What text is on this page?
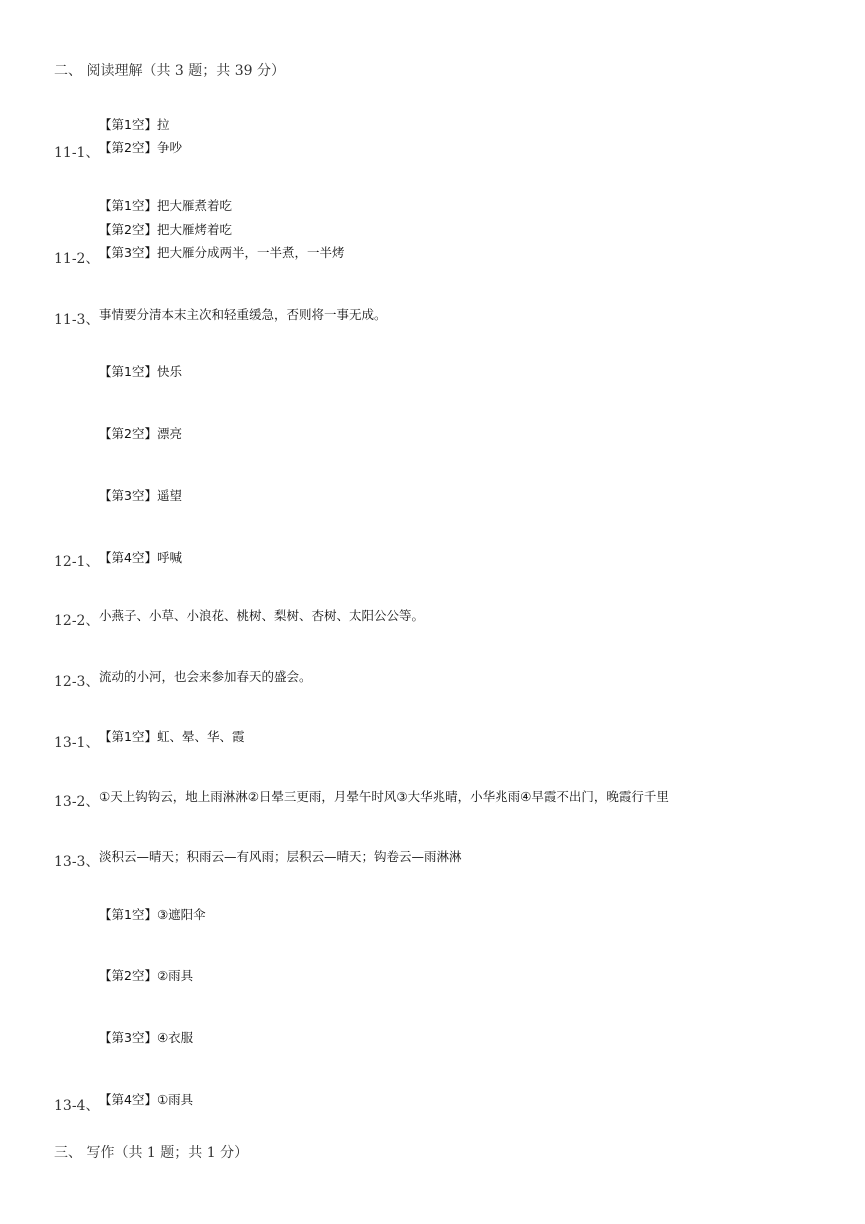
二、 阅读理解（共 3 题；共 39 分）
【第1空】拉
【第2空】争吵
11-1、
【第1空】把大雁煮着吃
【第2空】把大雁烤着吃
【第3空】把大雁分成两半，一半煮，一半烤
11-2、
11-3、 事情要分清本末主次和轻重缓急，否则将一事无成。
【第1空】快乐
【第2空】漂亮
【第3空】遥望
12-1、 【第4空】呼喊
12-2、 小燕子、小草、小浪花、桃树、梨树、杏树、太阳公公等。
12-3、 流动的小河，也会来参加春天的盛会。
13-1、 【第1空】虹、晕、华、霞
13-2、 ①天上钩钩云，地上雨淋淋②日晕三更雨，月晕午时风③大华兆晴，小华兆雨④早霞不出门，晚霞行千里
13-3、 淡积云—晴天；积雨云—有风雨；层积云—晴天；钩卷云—雨淋淋
【第1空】③遮阳伞
【第2空】②雨具
【第3空】④衣服
13-4、 【第4空】①雨具
三、 写作（共 1 题；共 1 分）
